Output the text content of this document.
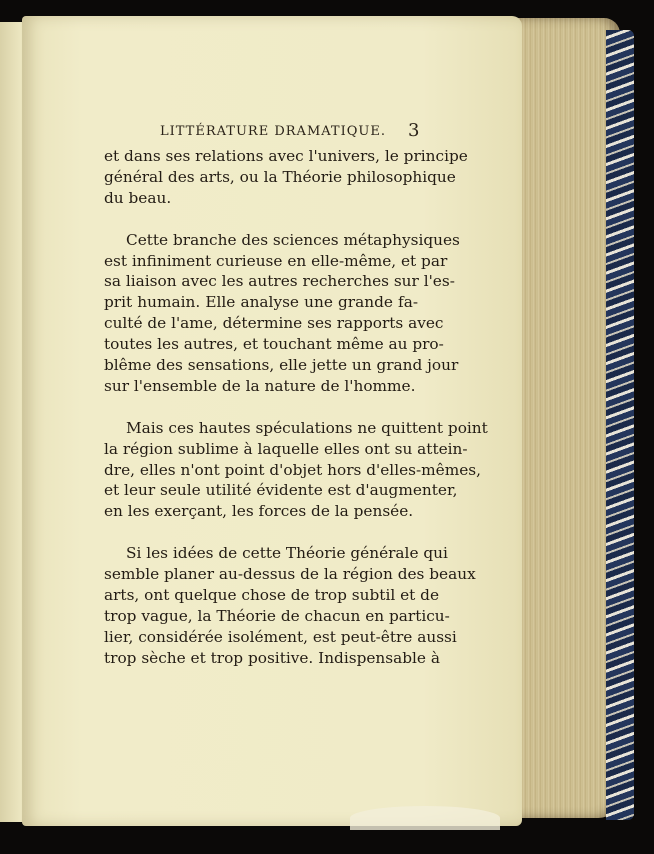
LITTÉRATURE DRAMATIQUE. 3
et dans ses relations avec l'univers, le principe
général des arts, ou la Théorie philosophique
du beau.
Cette branche des sciences métaphysiques
est infiniment curieuse en elle-même, et par
sa liaison avec les autres recherches sur l'es-
prit humain. Elle analyse une grande fa-
culté de l'ame, détermine ses rapports avec
toutes les autres, et touchant même au pro-
blême des sensations, elle jette un grand jour
sur l'ensemble de la nature de l'homme.
Mais ces hautes spéculations ne quittent point
la région sublime à laquelle elles ont su attein-
dre, elles n'ont point d'objet hors d'elles-mêmes,
et leur seule utilité évidente est d'augmenter,
en les exerçant, les forces de la pensée.
Si les idées de cette Théorie générale qui
semble planer au-dessus de la région des beaux
arts, ont quelque chose de trop subtil et de
trop vague, la Théorie de chacun en particu-
lier, considérée isolément, est peut-être aussi
trop sèche et trop positive. Indispensable à
